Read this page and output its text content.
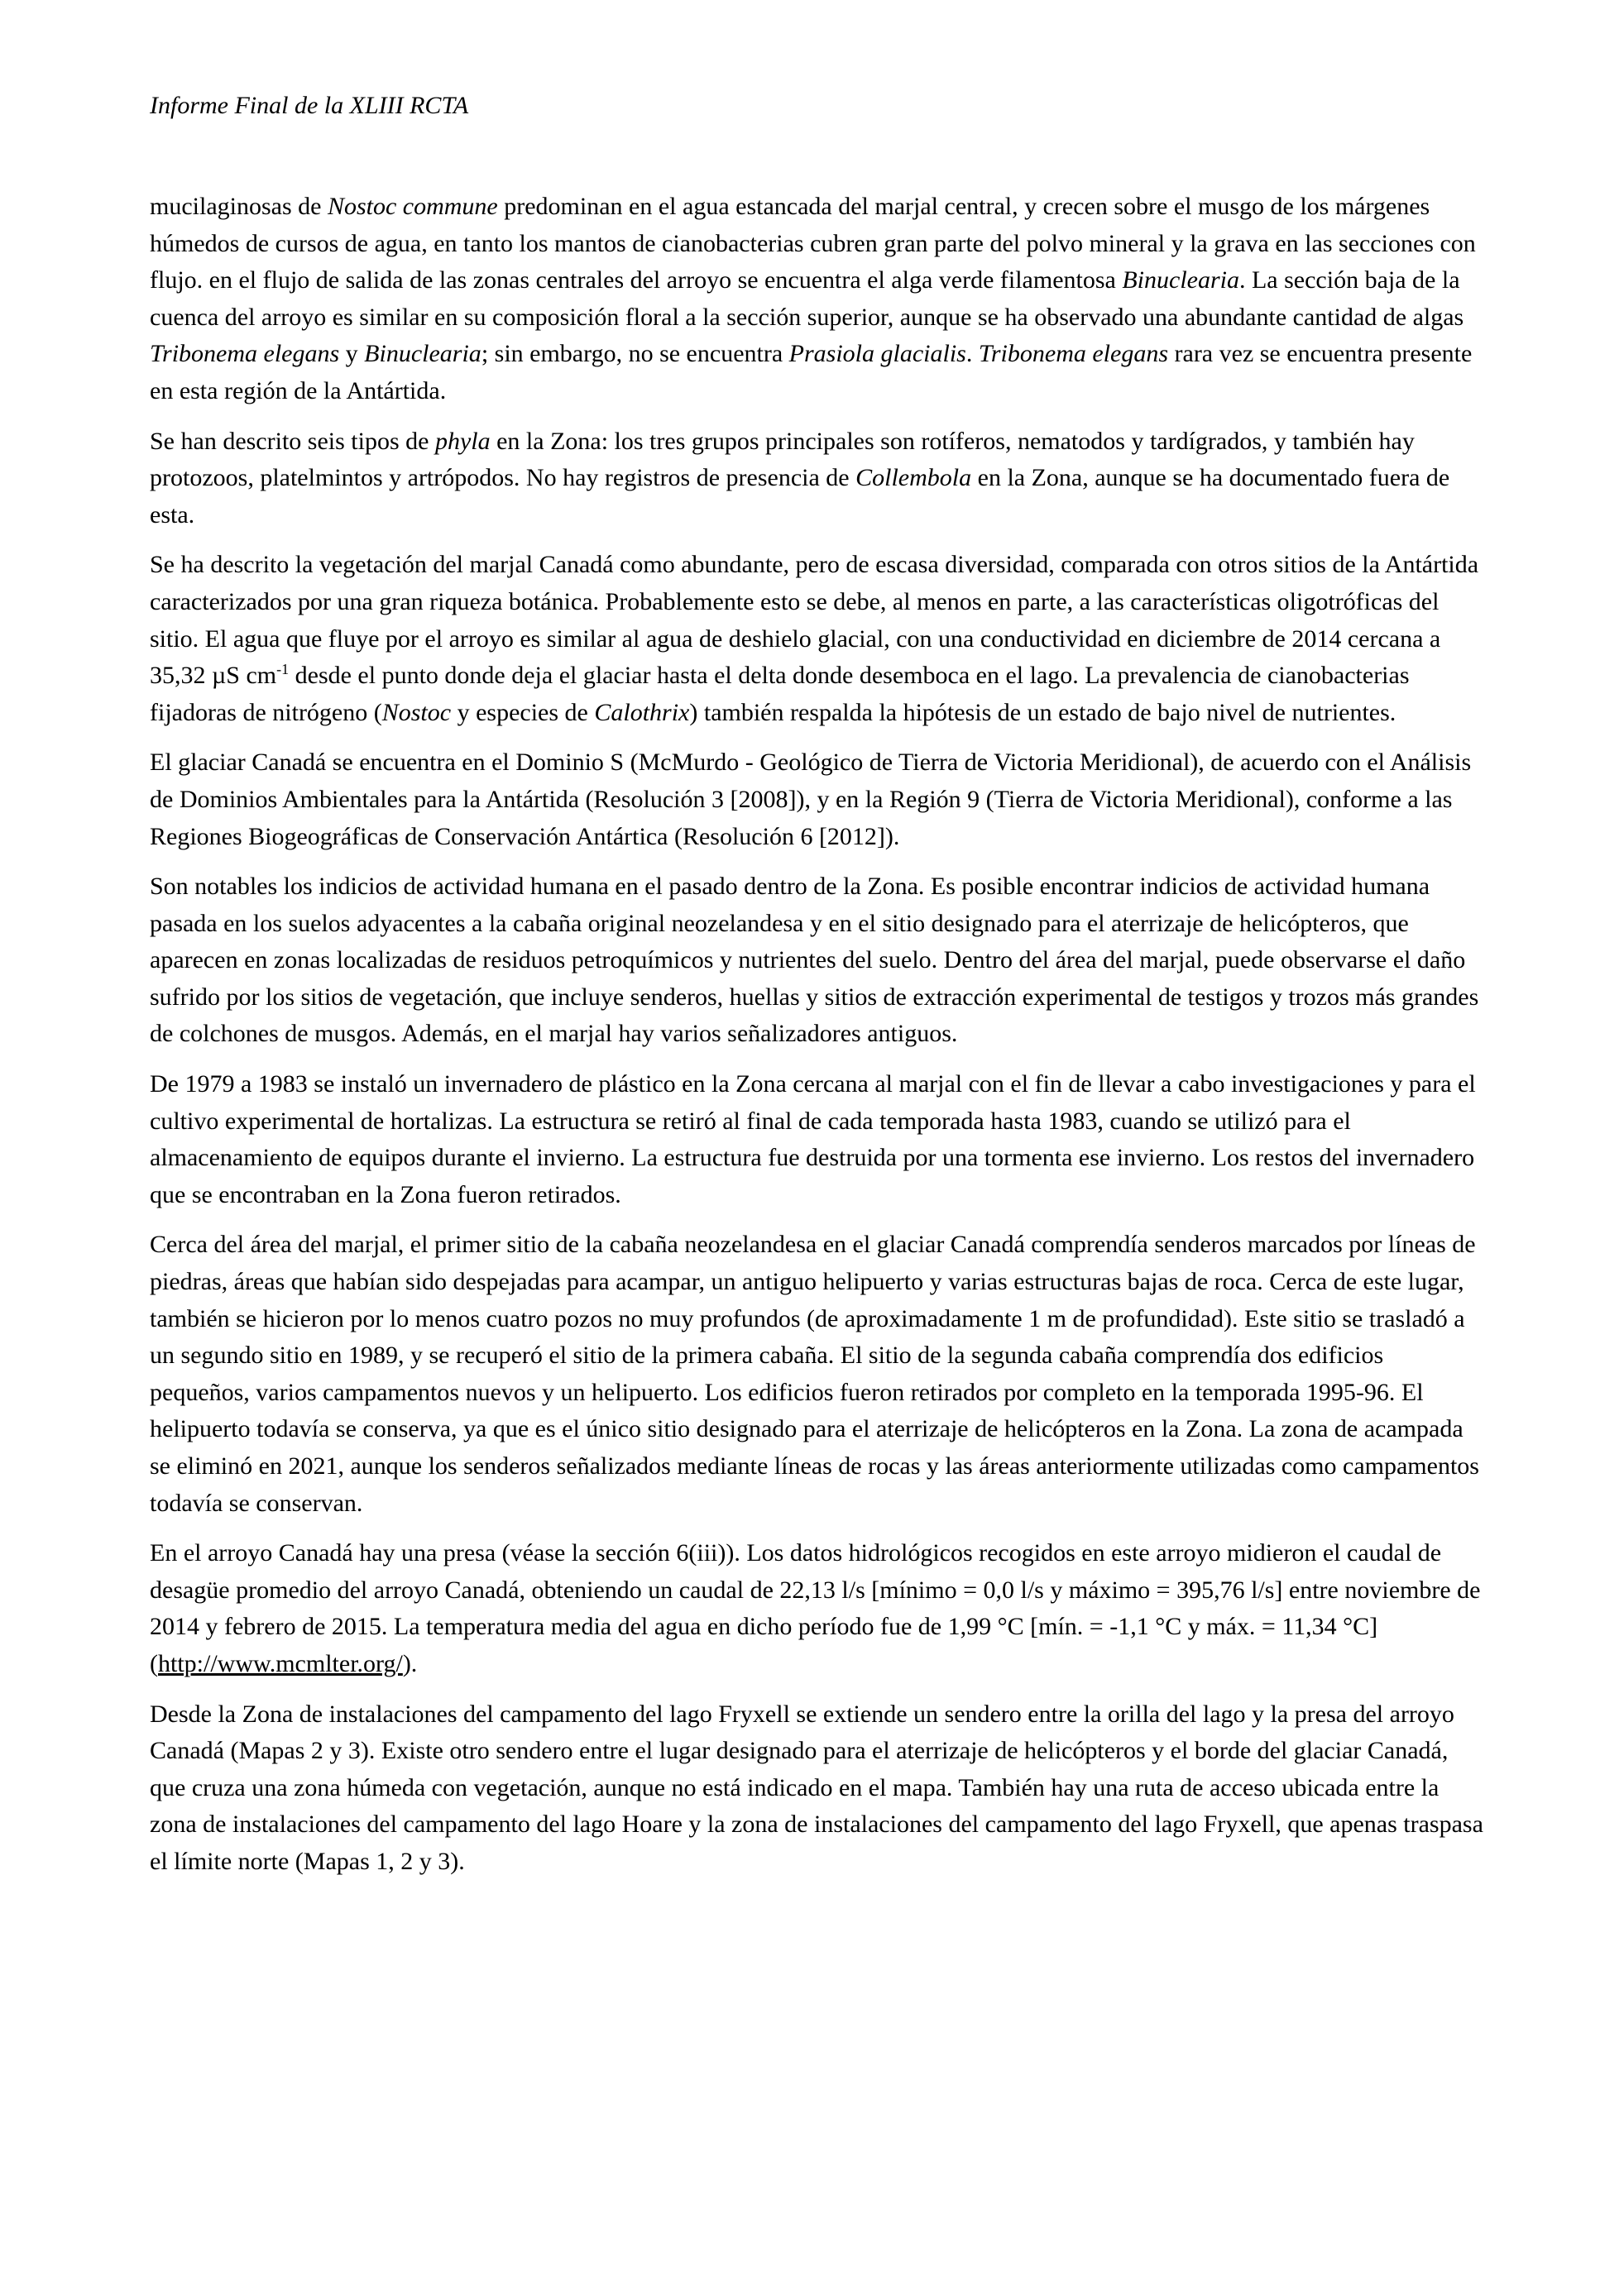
Informe Final de la XLIII RCTA

mucilaginosas de Nostoc commune predominan en el agua estancada del marjal central, y crecen sobre el musgo de los márgenes húmedos de cursos de agua, en tanto los mantos de cianobacterias cubren gran parte del polvo mineral y la grava en las secciones con flujo. en el flujo de salida de las zonas centrales del arroyo se encuentra el alga verde filamentosa Binuclearia. La sección baja de la cuenca del arroyo es similar en su composición floral a la sección superior, aunque se ha observado una abundante cantidad de algas Tribonema elegans y Binuclearia; sin embargo, no se encuentra Prasiola glacialis. Tribonema elegans rara vez se encuentra presente en esta región de la Antártida.

Se han descrito seis tipos de phyla en la Zona: los tres grupos principales son rotíferos, nematodos y tardígrados, y también hay protozoos, platelmintos y artrópodos. No hay registros de presencia de Collembola en la Zona, aunque se ha documentado fuera de esta.

Se ha descrito la vegetación del marjal Canadá como abundante, pero de escasa diversidad, comparada con otros sitios de la Antártida caracterizados por una gran riqueza botánica. Probablemente esto se debe, al menos en parte, a las características oligotróficas del sitio. El agua que fluye por el arroyo es similar al agua de deshielo glacial, con una conductividad en diciembre de 2014 cercana a 35,32 µS $cm^{-1}$ desde el punto donde deja el glaciar hasta el delta donde desemboca en el lago. La prevalencia de cianobacterias fijadoras de nitrógeno (Nostoc y especies de Calothrix) también respalda la hipótesis de un estado de bajo nivel de nutrientes.

El glaciar Canadá se encuentra en el Dominio S (McMurdo - Geológico de Tierra de Victoria Meridional), de acuerdo con el Análisis de Dominios Ambientales para la Antártida (Resolución 3 [2008]), y en la Región 9 (Tierra de Victoria Meridional), conforme a las Regiones Biogeográficas de Conservación Antártica (Resolución 6 [2012]).

Son notables los indicios de actividad humana en el pasado dentro de la Zona. Es posible encontrar indicios de actividad humana pasada en los suelos adyacentes a la cabaña original neozelandesa y en el sitio designado para el aterrizaje de helicópteros, que aparecen en zonas localizadas de residuos petroquímicos y nutrientes del suelo. Dentro del área del marjal, puede observarse el daño sufrido por los sitios de vegetación, que incluye senderos, huellas y sitios de extracción experimental de testigos y trozos más grandes de colchones de musgos. Además, en el marjal hay varios señalizadores antiguos.

De 1979 a 1983 se instaló un invernadero de plástico en la Zona cercana al marjal con el fin de llevar a cabo investigaciones y para el cultivo experimental de hortalizas. La estructura se retiró al final de cada temporada hasta 1983, cuando se utilizó para el almacenamiento de equipos durante el invierno. La estructura fue destruida por una tormenta ese invierno. Los restos del invernadero que se encontraban en la Zona fueron retirados.

Cerca del área del marjal, el primer sitio de la cabaña neozelandesa en el glaciar Canadá comprendía senderos marcados por líneas de piedras, áreas que habían sido despejadas para acampar, un antiguo helipuerto y varias estructuras bajas de roca. Cerca de este lugar, también se hicieron por lo menos cuatro pozos no muy profundos (de aproximadamente 1 m de profundidad). Este sitio se trasladó a un segundo sitio en 1989, y se recuperó el sitio de la primera cabaña. El sitio de la segunda cabaña comprendía dos edificios pequeños, varios campamentos nuevos y un helipuerto. Los edificios fueron retirados por completo en la temporada 1995-96. El helipuerto todavía se conserva, ya que es el único sitio designado para el aterrizaje de helicópteros en la Zona. La zona de acampada se eliminó en 2021, aunque los senderos señalizados mediante líneas de rocas y las áreas anteriormente utilizadas como campamentos todavía se conservan.

En el arroyo Canadá hay una presa (véase la sección 6(iii)). Los datos hidrológicos recogidos en este arroyo midieron el caudal de desagüe promedio del arroyo Canadá, obteniendo un caudal de 22,13 l/s [mínimo = 0,0 l/s y máximo = 395,76 l/s] entre noviembre de 2014 y febrero de 2015. La temperatura media del agua en dicho período fue de 1,99 °C [mín. = -1,1 °C y máx. = 11,34 °C] (http://www.mcmlter.org/).

Desde la Zona de instalaciones del campamento del lago Fryxell se extiende un sendero entre la orilla del lago y la presa del arroyo Canadá (Mapas 2 y 3). Existe otro sendero entre el lugar designado para el aterrizaje de helicópteros y el borde del glaciar Canadá, que cruza una zona húmeda con vegetación, aunque no está indicado en el mapa. También hay una ruta de acceso ubicada entre la zona de instalaciones del campamento del lago Hoare y la zona de instalaciones del campamento del lago Fryxell, que apenas traspasa el límite norte (Mapas 1, 2 y 3).
